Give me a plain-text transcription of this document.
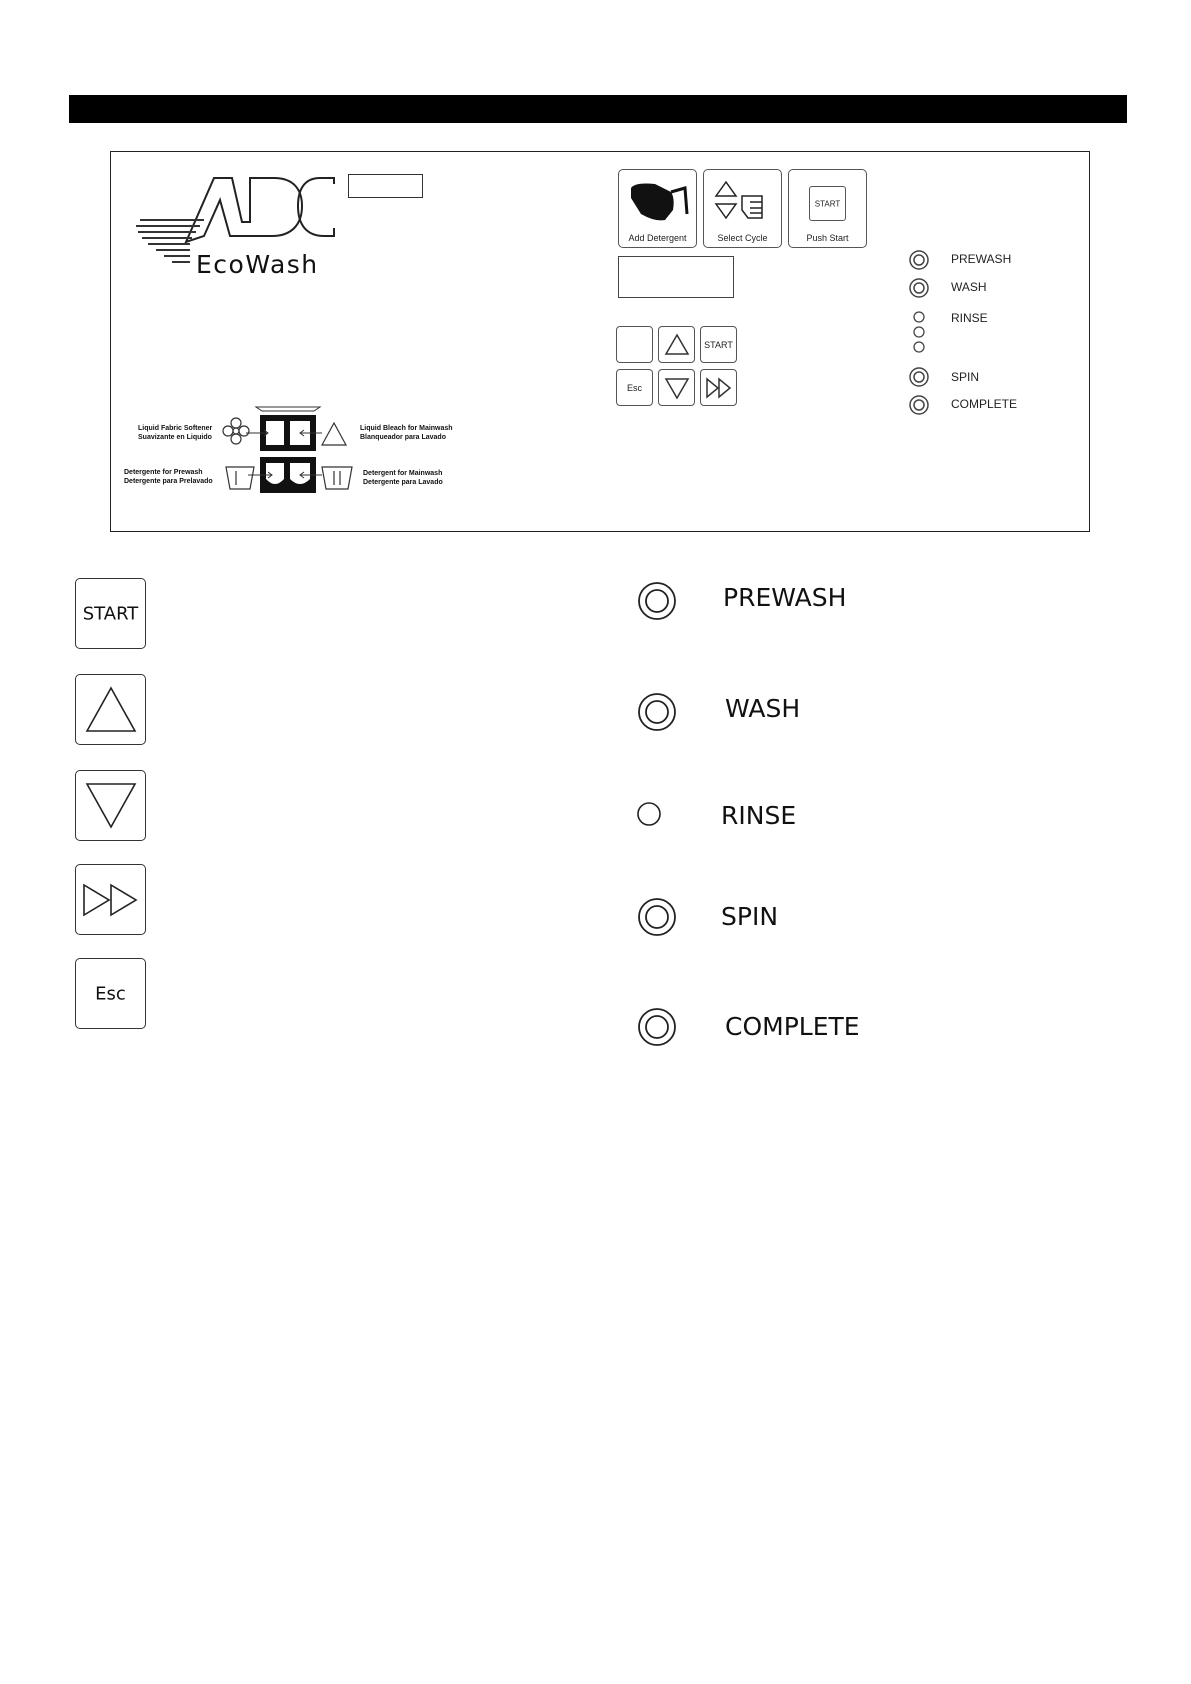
EcoWash
Add Detergent	Select Cycle
START
Push Start
START
Esc
PREWASH
WASH
RINSE
SPIN
COMPLETE
Liquid Fabric Softener
Suavizante en Liquido
Liquid Bleach for Mainwash
Blanqueador para Lavado
Detergente for Prewash
Detergente para Prelavado
Detergent for Mainwash
Detergente para Lavado
START
Esc
PREWASH
WASH
RINSE
SPIN
COMPLETE
